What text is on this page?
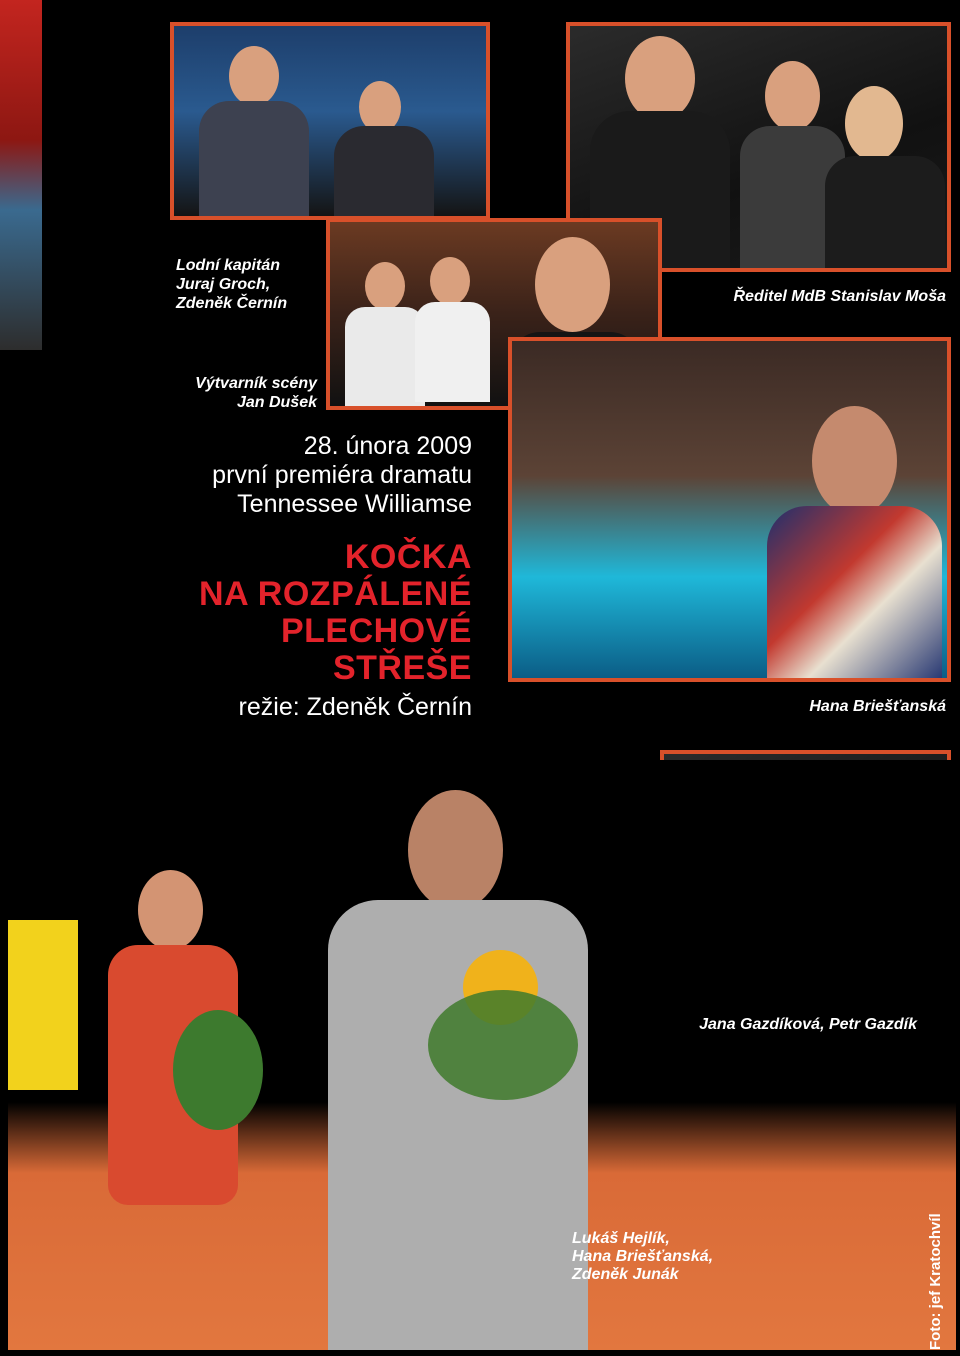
28. února 2009
první premiéra dramatu
Tennessee Williamse
KOČKA
NA ROZPÁLENÉ
PLECHOVÉ
STŘEŠE
režie: Zdeněk Černín
Lodní kapitán
Juraj Groch,
Zdeněk Černín	Ředitel MdB Stanislav Moša
Výtvarník scény
Jan Dušek
Hana Briešťanská
Jana Gazdíková, Petr Gazdík
Lukáš Hejlík,
Hana Briešťanská,
Zdeněk Junák	Foto: jef Kratochvíl
